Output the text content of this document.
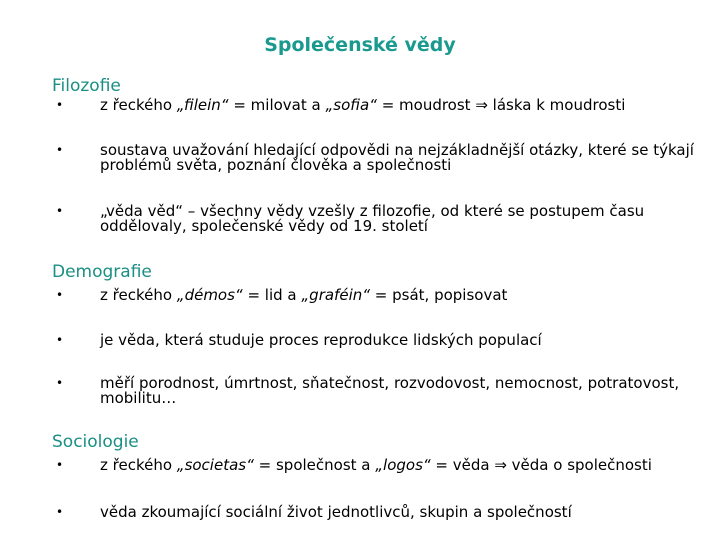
Společenské vědy
Filozofie
• z řeckého „filein“ = milovat a „sofia“ = moudrost ⇒ láska k moudrosti
• soustava uvažování hledající odpovědi na nejzákladnější otázky, které se týkají problémů světa, poznání člověka a společnosti
• „věda věd“ – všechny vědy vzešly z filozofie, od které se postupem času oddělovaly, společenské vědy od 19. století
Demografie
• z řeckého „démos“ = lid a „graféin“ = psát, popisovat
• je věda, která studuje proces reprodukce lidských populací
• měří porodnost, úmrtnost, sňatečnost, rozvodovost, nemocnost, potratovost, mobilitu…
Sociologie
• z řeckého „societas“ = společnost a „logos“ = věda ⇒ věda o společnosti
• věda zkoumající sociální život jednotlivců, skupin a společností
